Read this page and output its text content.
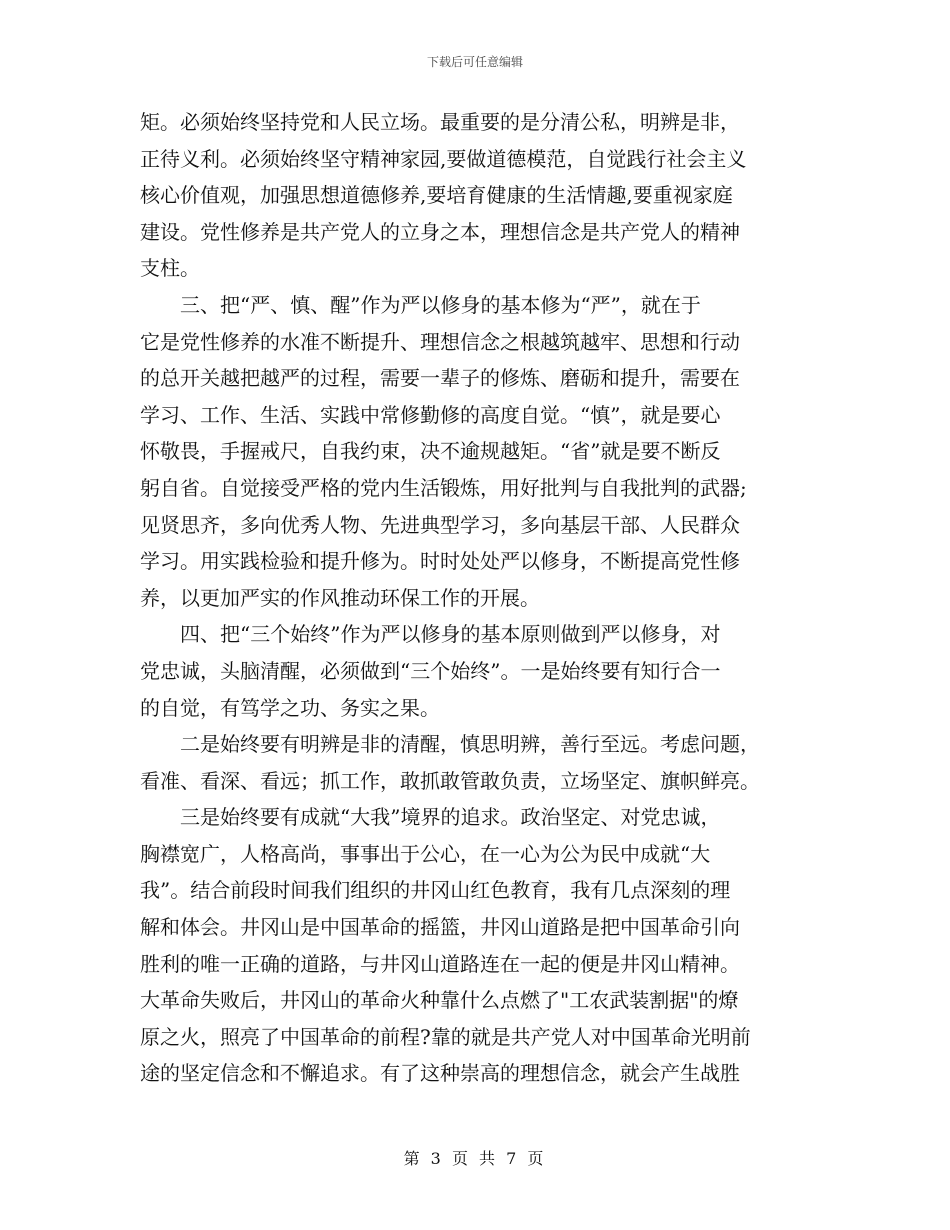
下载后可任意编辑

矩。必须始终坚持党和人民立场。最重要的是分清公私，明辨是非，
正待义利。必须始终坚守精神家园,要做道德模范，自觉践行社会主义
核心价值观，加强思想道德修养,要培育健康的生活情趣,要重视家庭
建设。党性修养是共产党人的立身之本，理想信念是共产党人的精神
支柱。

　　三、把“严、慎、醒”作为严以修身的基本修为“严”，就在于
它是党性修养的水准不断提升、理想信念之根越筑越牢、思想和行动
的总开关越把越严的过程，需要一辈子的修炼、磨砺和提升，需要在
学习、工作、生活、实践中常修勤修的高度自觉。“慎”，就是要心
怀敬畏，手握戒尺，自我约束，决不逾规越矩。“省”就是要不断反
躬自省。自觉接受严格的党内生活锻炼，用好批判与自我批判的武器;
见贤思齐，多向优秀人物、先进典型学习，多向基层干部、人民群众
学习。用实践检验和提升修为。时时处处严以修身，不断提高党性修
养，以更加严实的作风推动环保工作的开展。

　　四、把“三个始终”作为严以修身的基本原则做到严以修身，对
党忠诚，头脑清醒，必须做到“三个始终”。一是始终要有知行合一
的自觉，有笃学之功、务实之果。

　　二是始终要有明辨是非的清醒，慎思明辨，善行至远。考虑问题，
看准、看深、看远；抓工作，敢抓敢管敢负责，立场坚定、旗帜鲜亮。

　　三是始终要有成就“大我”境界的追求。政治坚定、对党忠诚，
胸襟宽广，人格高尚，事事出于公心，在一心为公为民中成就“大
我”。结合前段时间我们组织的井冈山红色教育，我有几点深刻的理
解和体会。井冈山是中国革命的摇篮，井冈山道路是把中国革命引向
胜利的唯一正确的道路，与井冈山道路连在一起的便是井冈山精神。
大革命失败后，井冈山的革命火种靠什么点燃了"工农武装割据"的燎
原之火，照亮了中国革命的前程?靠的就是共产党人对中国革命光明前
途的坚定信念和不懈追求。有了这种崇高的理想信念，就会产生战胜

第 3 页 共 7 页
